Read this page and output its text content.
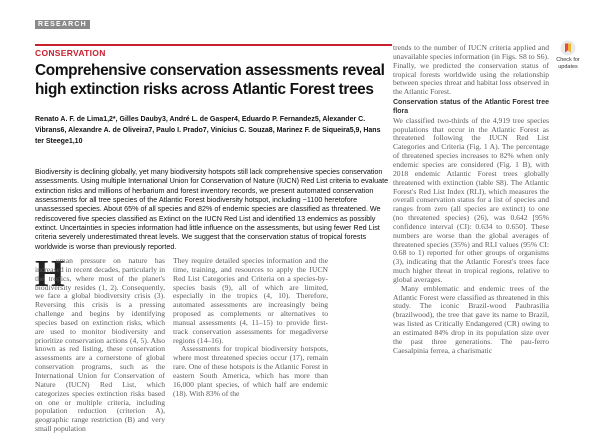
RESEARCH
Check for
updates
CONSERVATION
Comprehensive conservation assessments reveal high extinction risks across Atlantic Forest trees
Renato A. F. de Lima1,2*, Gilles Dauby3, André L. de Gasper4, Eduardo P. Fernandez5, Alexander C. Vibrans6, Alexandre A. de Oliveira7, Paulo I. Prado7, Vinícius C. Souza8, Marinez F. de Siqueira5,9, Hans ter Steege1,10
Biodiversity is declining globally, yet many biodiversity hotspots still lack comprehensive species conservation assessments. Using multiple International Union for Conservation of Nature (IUCN) Red List criteria to evaluate extinction risks and millions of herbarium and forest inventory records, we present automated conservation assessments for all tree species of the Atlantic Forest biodiversity hotspot, including ~1100 heretofore unassessed species. About 65% of all species and 82% of endemic species are classified as threatened. We rediscovered five species classified as Extinct on the IUCN Red List and identified 13 endemics as possibly extinct. Uncertainties in species information had little influence on the assessments, but using fewer Red List criteria severely underestimated threat levels. We suggest that the conservation status of tropical forests worldwide is worse than previously reported.
H
uman pressure on nature has increased in recent decades, particularly in the tropics, where most of the planet's biodiversity resides (1, 2). Consequently, we face a global biodiversity crisis (3). Reversing this crisis is a pressing challenge and begins by identifying species based on extinction risks, which are used to monitor biodiversity and prioritize conservation actions (4, 5). Also known as red listing, these conservation assessments are a cornerstone of global conservation programs, such as the International Union for Conservation of Nature (IUCN) Red List, which categorizes species extinction risks based on one or multiple criteria, including population reduction (criterion A), geographic range restriction (B) and very small population

They require detailed species information and the time, training, and resources to apply the IUCN Red List Categories and Criteria on a species-by-species basis (9), all of which are limited, especially in the tropics (4, 10). Therefore, automated assessments are increasingly being proposed as complements or alternatives to manual assessments (4, 11–15) to provide first-track conservation assessments for megadiverse regions (14–16).

Assessments for tropical biodiversity hotspots, where most threatened species occur (17), remain rare. One of these hotspots is the Atlantic Forest in eastern South America, which has more than 16,000 plant species, of which half are endemic (18). With 83% of the

trends to the number of IUCN criteria applied and unavailable species information (in Figs. S8 to S6). Finally, we predicted the conservation status of tropical forests worldwide using the relationship between species threat and habitat loss observed in the Atlantic Forest.

Conservation status of the Atlantic Forest tree flora

We classified two-thirds of the 4,919 tree species populations that occur in the Atlantic Forest as threatened following the IUCN Red List Categories and Criteria (Fig. 1 A). The percentage of threatened species increases to 82% when only endemic species are considered (Fig. 1 B), with 2018 endemic Atlantic Forest trees globally threatened with extinction (table S8). The Atlantic Forest's Red List Index (RLI), which measures the overall conservation status for a list of species and ranges from zero (all species are extinct) to one (no threatened species) (26), was 0.642 [95% confidence interval (CI): 0.634 to 0.650]. These numbers are worse than the global averages of threatened species (35%) and RLI values (95% CI: 0.68 to 1) reported for other groups of organisms (3), indicating that the Atlantic Forest's trees face much higher threat in tropical regions, relative to global averages.

Many emblematic and endemic trees of the Atlantic Forest were classified as threatened in this study. The iconic Brazil-wood Paubrasilia (brazilwood), the tree that gave its name to Brazil, was listed as Critically Endangered (CR) owing to an estimated 84% drop in its population size over the past three generations. The pau-ferro Caesalpinia ferrea, a charismatic
